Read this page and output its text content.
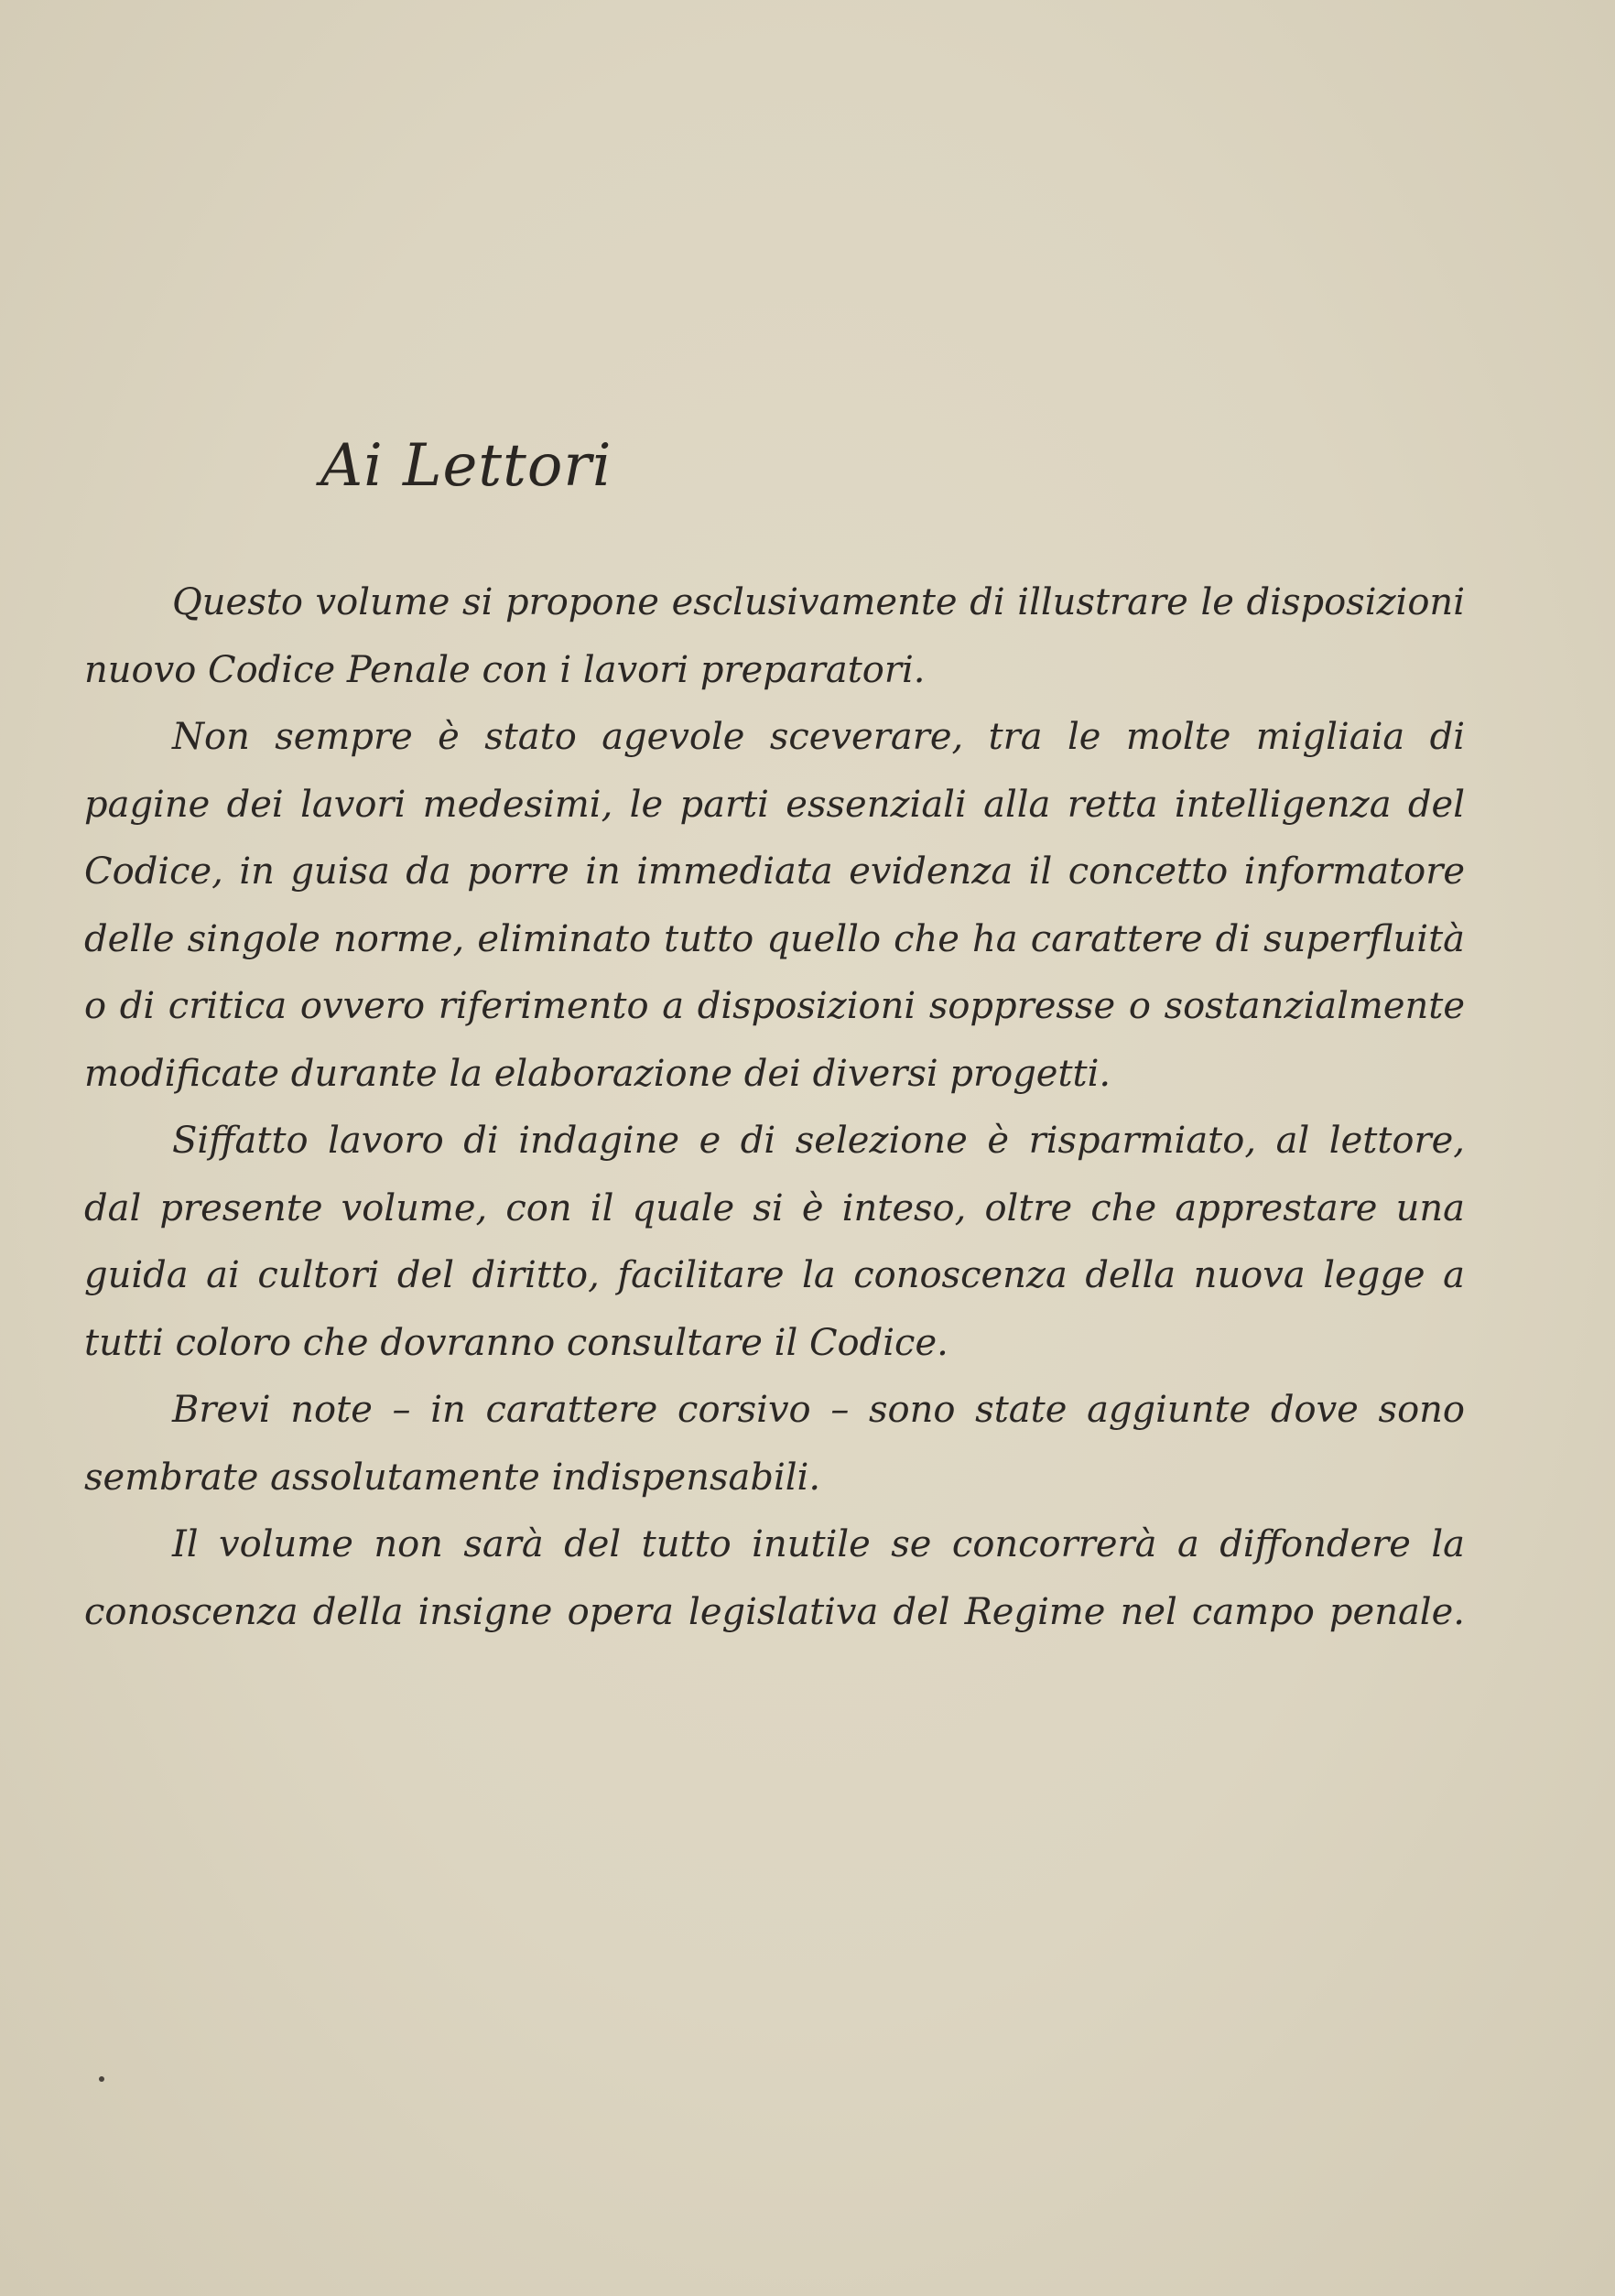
Ai Lettori
Questo volume si propone esclusivamente di illustrare le disposizioni
nuovo Codice Penale con i lavori preparatori.
Non sempre è stato agevole sceverare, tra le molte migliaia di
pagine dei lavori medesimi, le parti essenziali alla retta intelligenza del
Codice, in guisa da porre in immediata evidenza il concetto informatore
delle singole norme, eliminato tutto quello che ha carattere di superfluità
o di critica ovvero riferimento a disposizioni soppresse o sostanzialmente
modificate durante la elaborazione dei diversi progetti.
Siffatto lavoro di indagine e di selezione è risparmiato, al lettore,
dal presente volume, con il quale si è inteso, oltre che apprestare una
guida ai cultori del diritto, facilitare la conoscenza della nuova legge a
tutti coloro che dovranno consultare il Codice.
Brevi note – in carattere corsivo – sono state aggiunte dove sono
sembrate assolutamente indispensabili.
Il volume non sarà del tutto inutile se concorrerà a diffondere la
conoscenza della insigne opera legislativa del Regime nel campo penale.
